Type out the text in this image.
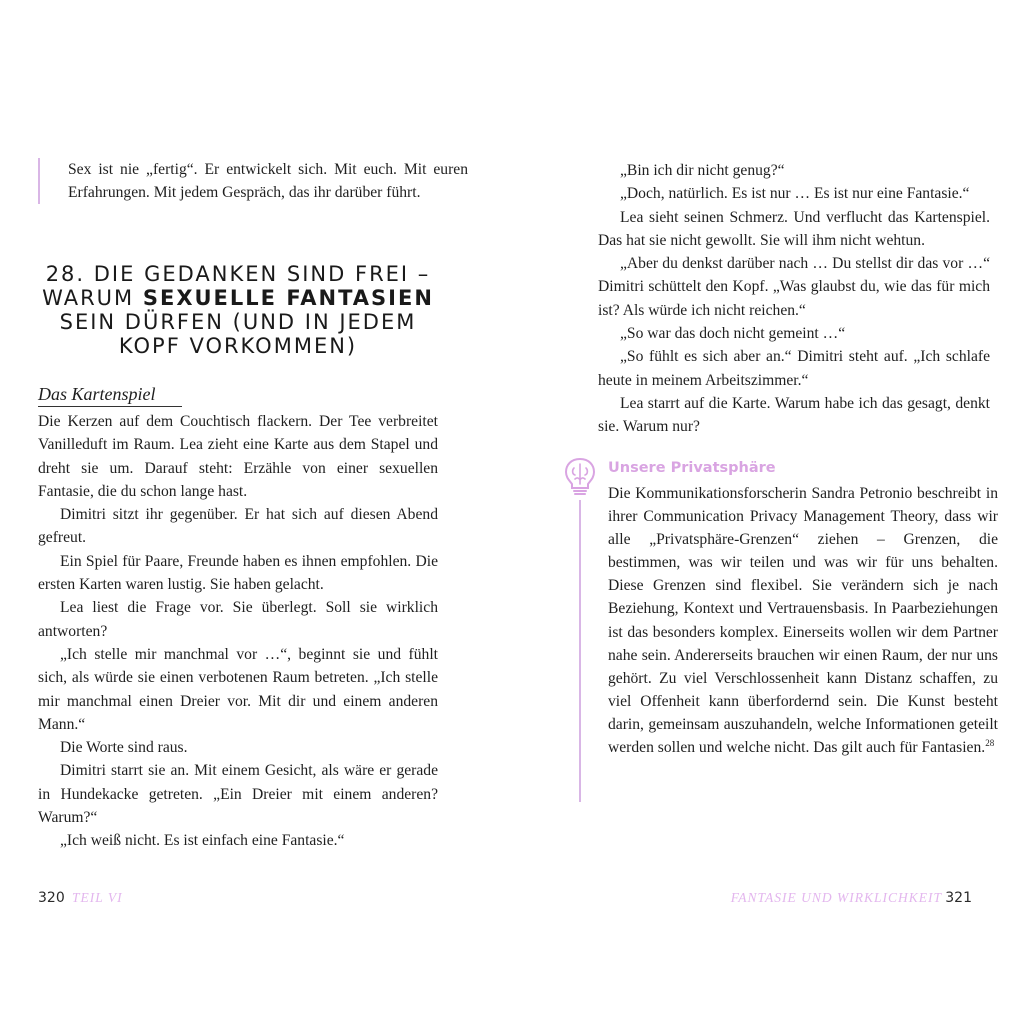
Sex ist nie „fertig“. Er entwickelt sich. Mit euch. Mit euren Erfahrungen. Mit jedem Gespräch, das ihr darüber führt.
28. DIE GEDANKEN SIND FREI –
WARUM SEXUELLE FANTASIEN
SEIN DÜRFEN (UND IN JEDEM
KOPF VORKOMMEN)
Das Kartenspiel

Die Kerzen auf dem Couchtisch flackern. Der Tee verbreitet Vanilleduft im Raum. Lea zieht eine Karte aus dem Stapel und dreht sie um. Darauf steht: Erzähle von einer sexuellen Fantasie, die du schon lange hast.

Dimitri sitzt ihr gegenüber. Er hat sich auf diesen Abend gefreut.

Ein Spiel für Paare, Freunde haben es ihnen empfohlen. Die ersten Karten waren lustig. Sie haben gelacht.

Lea liest die Frage vor. Sie überlegt. Soll sie wirklich antworten?

„Ich stelle mir manchmal vor …“, beginnt sie und fühlt sich, als würde sie einen verbotenen Raum betreten. „Ich stelle mir manchmal einen Dreier vor. Mit dir und einem anderen Mann.“

Die Worte sind raus.

Dimitri starrt sie an. Mit einem Gesicht, als wäre er gerade in Hundekacke getreten. „Ein Dreier mit einem anderen? Warum?“

„Ich weiß nicht. Es ist einfach eine Fantasie.“

320 TEIL VI

„Bin ich dir nicht genug?“

„Doch, natürlich. Es ist nur … Es ist nur eine Fantasie.“

Lea sieht seinen Schmerz. Und verflucht das Kartenspiel. Das hat sie nicht gewollt. Sie will ihm nicht wehtun.

„Aber du denkst darüber nach … Du stellst dir das vor …“ Dimitri schüttelt den Kopf. „Was glaubst du, wie das für mich ist? Als würde ich nicht reichen.“

„So war das doch nicht gemeint …“

„So fühlt es sich aber an.“ Dimitri steht auf. „Ich schlafe heute in meinem Arbeitszimmer.“

Lea starrt auf die Karte. Warum habe ich das gesagt, denkt sie. Warum nur?

Unsere Privatsphäre
Die Kommunikationsforscherin Sandra Petronio beschreibt in ihrer Communication Privacy Management Theory, dass wir alle „Privatsphäre-Grenzen“ ziehen – Grenzen, die bestimmen, was wir teilen und was wir für uns behalten. Diese Grenzen sind flexibel. Sie verändern sich je nach Beziehung, Kontext und Vertrauensbasis. In Paarbeziehungen ist das besonders komplex. Einerseits wollen wir dem Partner nahe sein. Andererseits brauchen wir einen Raum, der nur uns gehört. Zu viel Verschlossenheit kann Distanz schaffen, zu viel Offenheit kann überfordernd sein. Die Kunst besteht darin, gemeinsam auszuhandeln, welche Informationen geteilt werden sollen und welche nicht. Das gilt auch für Fantasien.$^{28}$
FANTASIE UND WIRKLICHKEIT 321
